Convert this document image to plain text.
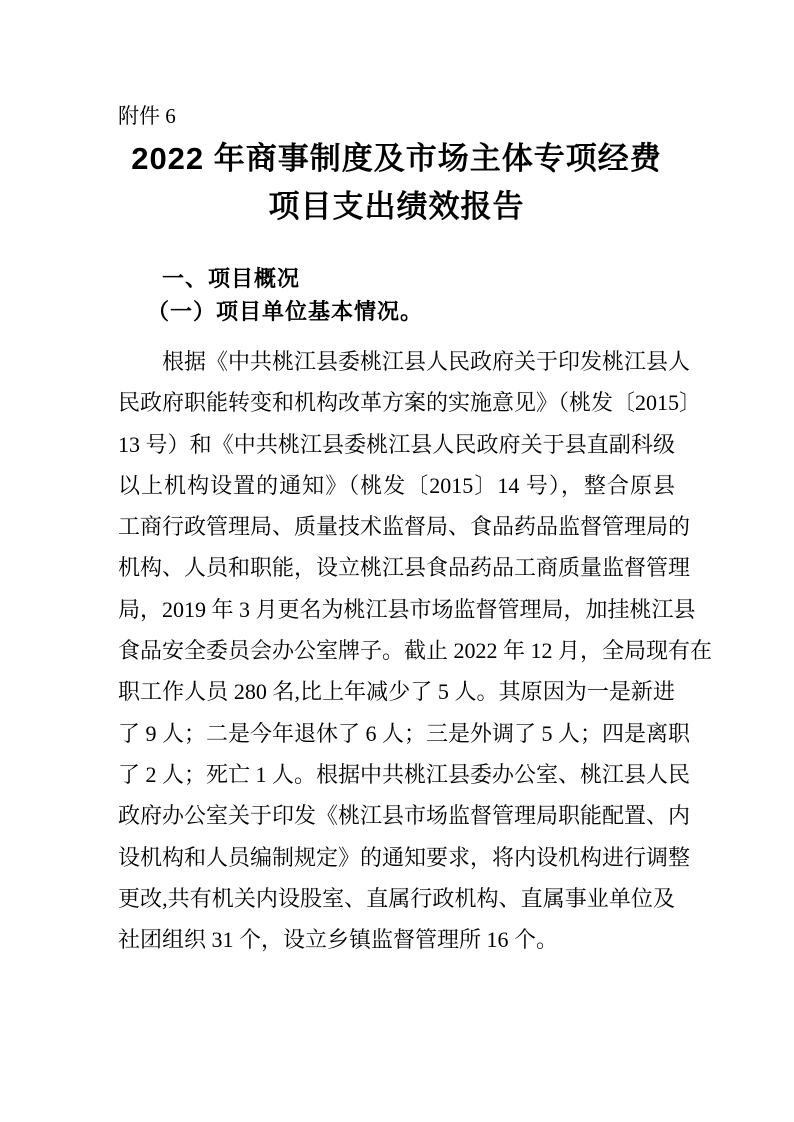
附件 6
2022 年商事制度及市场主体专项经费
项目支出绩效报告
一、项目概况
（一）项目单位基本情况。
根据《中共桃江县委桃江县人民政府关于印发桃江县人
民政府职能转变和机构改革方案的实施意见》（桃发〔2015〕
13 号）和《中共桃江县委桃江县人民政府关于县直副科级
以上机构设置的通知》（桃发〔2015〕14 号），整合原县
工商行政管理局、质量技术监督局、食品药品监督管理局的
机构、人员和职能，设立桃江县食品药品工商质量监督管理
局，2019 年 3 月更名为桃江县市场监督管理局，加挂桃江县
食品安全委员会办公室牌子。截止 2022 年 12 月，全局现有在
职工作人员 280 名,比上年减少了 5 人。其原因为一是新进
了 9 人；二是今年退休了 6 人；三是外调了 5 人；四是离职
了 2 人；死亡 1 人。根据中共桃江县委办公室、桃江县人民
政府办公室关于印发《桃江县市场监督管理局职能配置、内
设机构和人员编制规定》的通知要求，将内设机构进行调整
更改,共有机关内设股室、直属行政机构、直属事业单位及
社团组织 31 个，设立乡镇监督管理所 16 个。
